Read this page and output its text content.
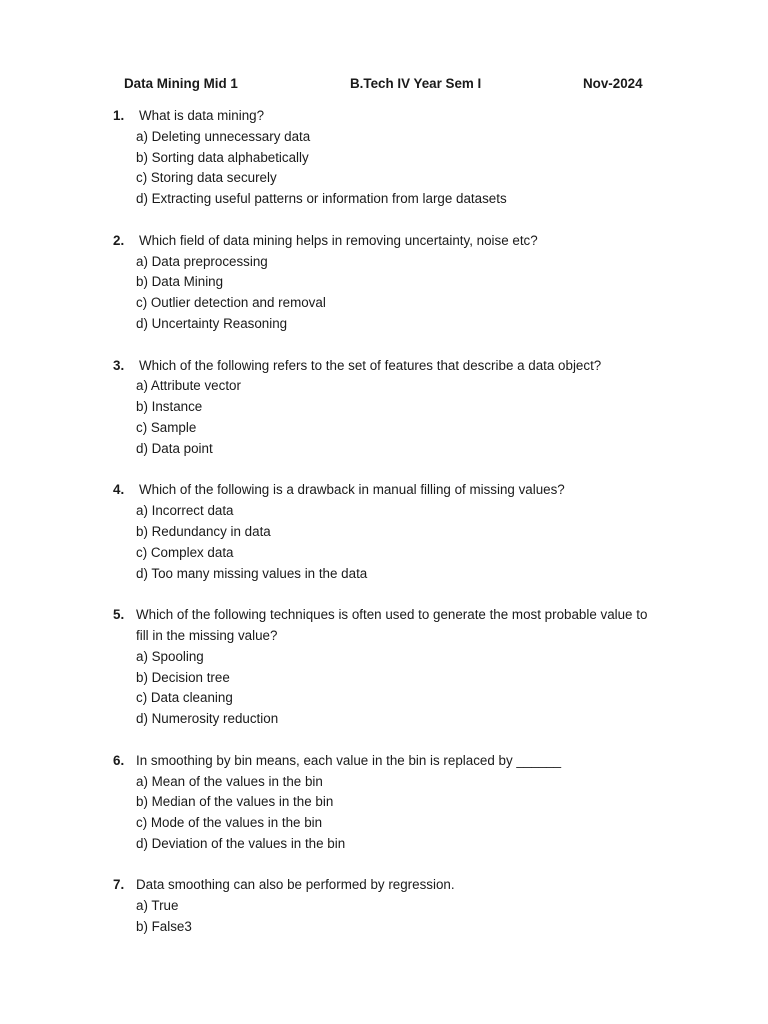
Data Mining Mid 1	B.Tech IV Year Sem I	Nov-2024
1. What is data mining?
a) Deleting unnecessary data
b) Sorting data alphabetically
c) Storing data securely
d) Extracting useful patterns or information from large datasets
2. Which field of data mining helps in removing uncertainty, noise etc?
a) Data preprocessing
b) Data Mining
c) Outlier detection and removal
d) Uncertainty Reasoning
3. Which of the following refers to the set of features that describe a data object?
a) Attribute vector
b) Instance
c) Sample
d) Data point
4. Which of the following is a drawback in manual filling of missing values?
a) Incorrect data
b) Redundancy in data
c) Complex data
d) Too many missing values in the data
5. Which of the following techniques is often used to generate the most probable value to
fill in the missing value?
a) Spooling
b) Decision tree
c) Data cleaning
d) Numerosity reduction
6. In smoothing by bin means, each value in the bin is replaced by ______
a) Mean of the values in the bin
b) Median of the values in the bin
c) Mode of the values in the bin
d) Deviation of the values in the bin
7. Data smoothing can also be performed by regression.
a) True
b) False3
